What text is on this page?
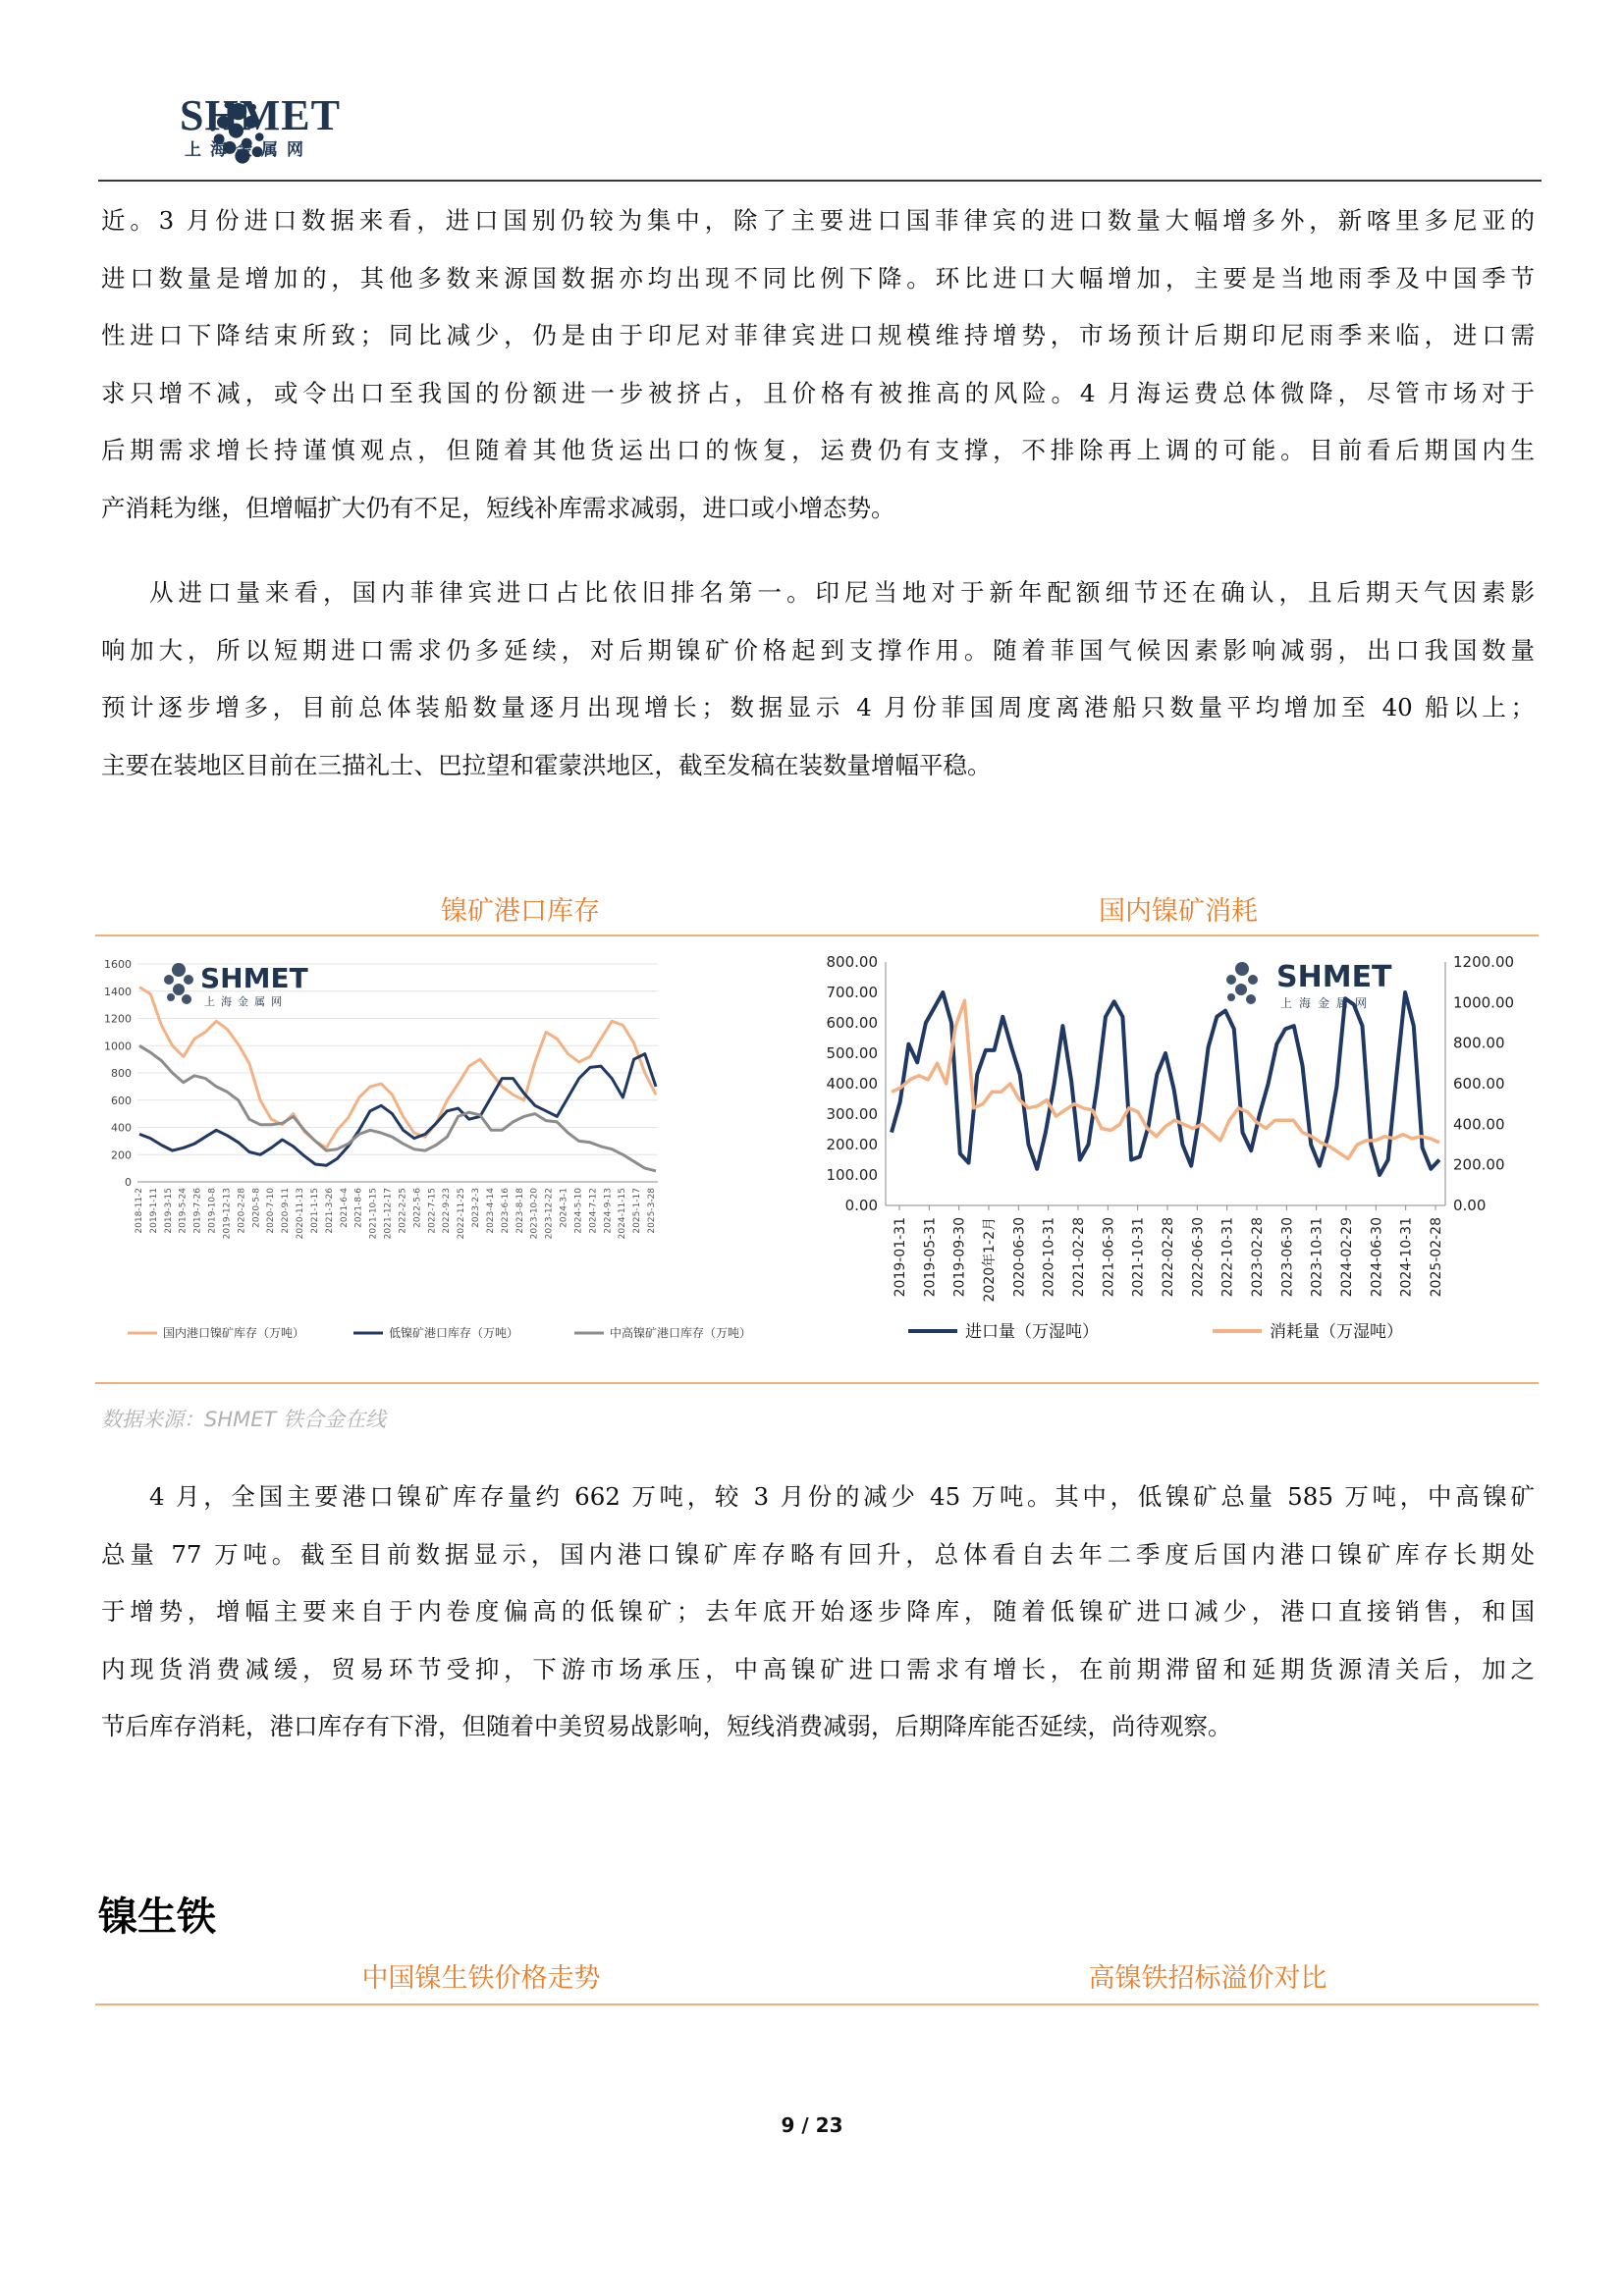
SHMET
上海金属网
近。3 月份进口数据来看，进口国别仍较为集中，除了主要进口国菲律宾的进口数量大幅增多外，新喀里多尼亚的
进口数量是增加的，其他多数来源国数据亦均出现不同比例下降。环比进口大幅增加，主要是当地雨季及中国季节
性进口下降结束所致；同比减少，仍是由于印尼对菲律宾进口规模维持增势，市场预计后期印尼雨季来临，进口需
求只增不减，或令出口至我国的份额进一步被挤占，且价格有被推高的风险。4 月海运费总体微降，尽管市场对于
后期需求增长持谨慎观点，但随着其他货运出口的恢复，运费仍有支撑，不排除再上调的可能。目前看后期国内生
产消耗为继，但增幅扩大仍有不足，短线补库需求减弱，进口或小增态势。
从进口量来看，国内菲律宾进口占比依旧排名第一。印尼当地对于新年配额细节还在确认，且后期天气因素影
响加大，所以短期进口需求仍多延续，对后期镍矿价格起到支撑作用。随着菲国气候因素影响减弱，出口我国数量
预计逐步增多，目前总体装船数量逐月出现增长；数据显示 4 月份菲国周度离港船只数量平均增加至 40 船以上；
主要在装地区目前在三描礼士、巴拉望和霍蒙洪地区，截至发稿在装数量增幅平稳。
镍矿港口库存	国内镍矿消耗
0
200
400
600
800
1000
1200
1400
1600
2018-11-2 2019-1-11 2019-3-15 2019-5-24 2019-7-26 2019-10-8 2019-12-13 2020-2-28 2020-5-8 2020-7-10 2020-9-11 2020-11-13 2021-1-15 2021-3-26 2021-6-4 2021-8-6 2021-10-15 2021-12-17 2022-2-25 2022-5-6 2022-7-15 2022-9-23 2022-11-25 2023-2-3 2023-4-14 2023-6-16 2023-8-18 2023-10-20 2023-12-22 2024-3-1 2024-5-10 2024-7-12 2024-9-13 2024-11-15 2025-1-17 2025-3-28
SHMET
上海金属网
国内港口镍矿库存（万吨）	低镍矿港口库存（万吨）	中高镍矿港口库存（万吨）
SHMET
上海金属网
0.00
100.00
200.00
300.00
400.00
500.00
600.00
700.00
800.00
0.00
200.00
400.00
600.00
800.00
1000.00
1200.00
2019-01-31 2019-05-31 2019-09-30 2020年1-2月 2020-06-30 2020-10-31 2021-02-28 2021-06-30 2021-10-31 2022-02-28 2022-06-30 2022-10-31 2023-02-28 2023-06-30 2023-10-31 2024-02-29 2024-06-30 2024-10-31 2025-02-28
进口量（万湿吨）	消耗量（万湿吨）
数据来源：SHMET 铁合金在线
4 月，全国主要港口镍矿库存量约 662 万吨，较 3 月份的减少 45 万吨。其中，低镍矿总量 585 万吨，中高镍矿
总量 77 万吨。截至目前数据显示，国内港口镍矿库存略有回升，总体看自去年二季度后国内港口镍矿库存长期处
于增势，增幅主要来自于内卷度偏高的低镍矿；去年底开始逐步降库，随着低镍矿进口减少，港口直接销售，和国
内现货消费减缓，贸易环节受抑，下游市场承压，中高镍矿进口需求有增长，在前期滞留和延期货源清关后，加之
节后库存消耗，港口库存有下滑，但随着中美贸易战影响，短线消费减弱，后期降库能否延续，尚待观察。
镍生铁
中国镍生铁价格走势	高镍铁招标溢价对比
9 / 23
